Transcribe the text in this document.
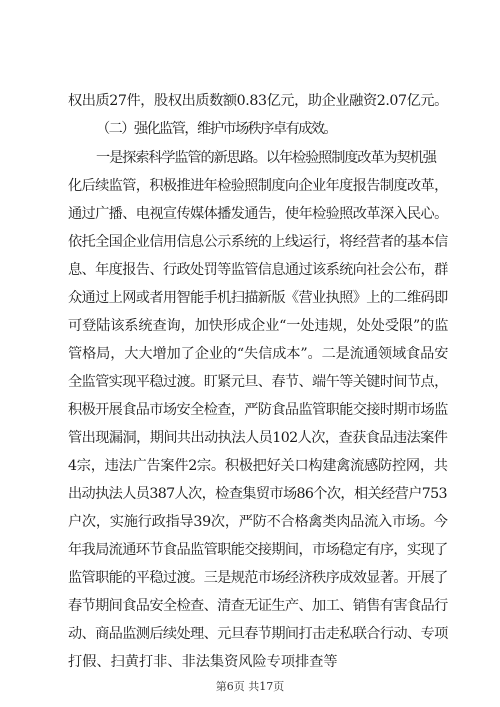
权出质27件，股权出质数额0.83亿元，助企业融资2.07亿元。
（二）强化监管，维护市场秩序卓有成效。
一是探索科学监管的新思路。以年检验照制度改革为契机强
化后续监管，积极推进年检验照制度向企业年度报告制度改革，
通过广播、电视宣传媒体播发通告，使年检验照改革深入民心。
依托全国企业信用信息公示系统的上线运行，将经营者的基本信
息、年度报告、行政处罚等监管信息通过该系统向社会公布，群
众通过上网或者用智能手机扫描新版《营业执照》上的二维码即
可登陆该系统查询，加快形成企业“一处违规，处处受限”的监
管格局，大大增加了企业的“失信成本”。二是流通领域食品安
全监管实现平稳过渡。盯紧元旦、春节、端午等关键时间节点，
积极开展食品市场安全检查，严防食品监管职能交接时期市场监
管出现漏洞，期间共出动执法人员102人次，查获食品违法案件
4宗，违法广告案件2宗。积极把好关口构建禽流感防控网，共
出动执法人员387人次，检查集贸市场86个次，相关经营户753
户次，实施行政指导39次，严防不合格禽类肉品流入市场。今
年我局流通环节食品监管职能交接期间，市场稳定有序，实现了
监管职能的平稳过渡。三是规范市场经济秩序成效显著。开展了
春节期间食品安全检查、清查无证生产、加工、销售有害食品行
动、商品监测后续处理、元旦春节期间打击走私联合行动、专项
打假、扫黄打非、非法集资风险专项排查等
第6页 共17页
